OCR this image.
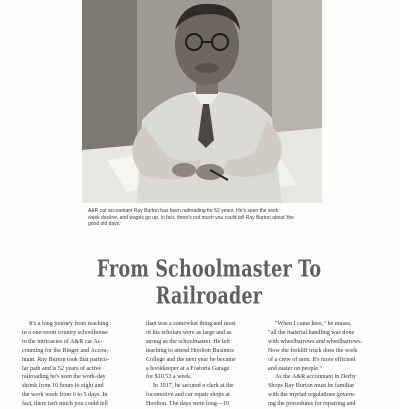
A&R car accountant Ray Burton has been railroading for 52 years. He's seen the work
week decline, and wages go up. In fact, there's not much you could tell Ray Burton about 'the
good old days.'
From Schoolmaster To Railroader

It's a long journey from teaching

in a one-room country schoolhouse

to the intricacies of A&R car Ac-

counting for the Ringer and Accou-

ntant. Ray Burton took that particu-

lar path and is 52 years of active

railroading he's seen the work-day

shrink from 10 hours to eight and

the work week from 6 to 5 days. In

fact, there isn't much you could tell

than was a somewhat thing and most

of his scholars were as large and as

strong as the schoolmaster. He left

teaching to attend Hoolton Business

College and the next year he became

a bookkeeper at a Fostoria Garage

for $10.53 a week.

In 1917, he secured a clerk at the

locomotive and car repair shops at

Hoolton. The days were long—10

"When I came here," he muses,

"all the material handling was done

with wheelbarrows and wheelbarrows.

Now the forklift truck does the work

of a crew of men. It's more efficient

and easier on people."

As the A&R accountant in Derby

Shops Ray Burton must be familiar

with the myriad regulations govern-

ing the procedures for repairing and
